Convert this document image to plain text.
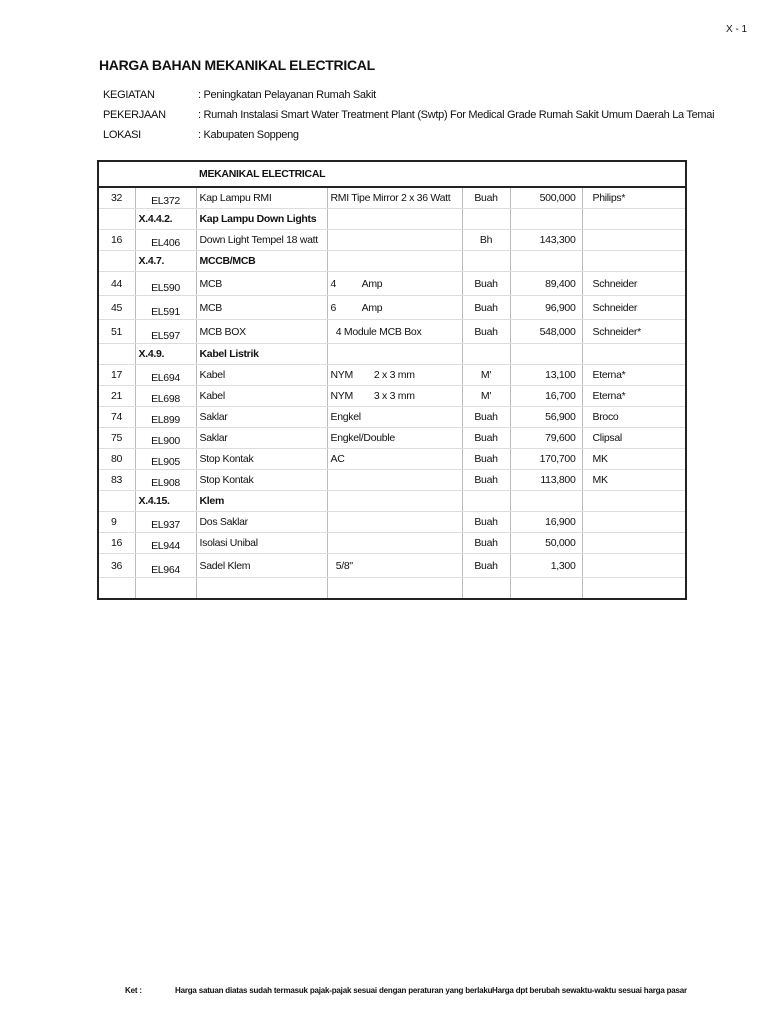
X - 1
HARGA BAHAN MEKANIKAL ELECTRICAL
KEGIATAN	: Peningkatan Pelayanan Rumah Sakit
PEKERJAAN	: Rumah Instalasi Smart Water Treatment Plant (Swtp) For Medical Grade Rumah Sakit Umum Daerah La Temai
LOKASI	: Kabupaten Soppeng
		MEKANIKAL ELECTRICAL				
32	EL372	Kap Lampu RMI	RMI Tipe Mirror 2 x 36 Watt	Buah	500,000	Philips*
	X.4.4.2.	Kap Lampu Down Lights				
16	EL406	Down Light Tempel 18 watt		Bh	143,300	
	X.4.7.	MCCB/MCB				
44	EL590	MCB	4          Amp	Buah	89,400	Schneider
45	EL591	MCB	6          Amp	Buah	96,900	Schneider
51	EL597	MCB BOX	4 Module MCB Box	Buah	548,000	Schneider*
	X.4.9.	Kabel Listrik				
17	EL694	Kabel	NYM        2 x 3 mm	M'	13,100	Eterna*
21	EL698	Kabel	NYM        3 x 3 mm	M'	16,700	Eterna*
74	EL899	Saklar	Engkel	Buah	56,900	Broco
75	EL900	Saklar	Engkel/Double	Buah	79,600	Clipsal
80	EL905	Stop Kontak	AC	Buah	170,700	MK
83	EL908	Stop Kontak		Buah	113,800	MK
	X.4.15.	Klem				
9	EL937	Dos Saklar		Buah	16,900	
16	EL944	Isolasi Unibal		Buah	50,000	
36	EL964	Sadel Klem	5/8"	Buah	1,300	

Ket :	Harga satuan diatas sudah termasuk pajak-pajak sesuai dengan peraturan yang berlaku Harga dpt berubah sewaktu-waktu sesuai harga pasar
